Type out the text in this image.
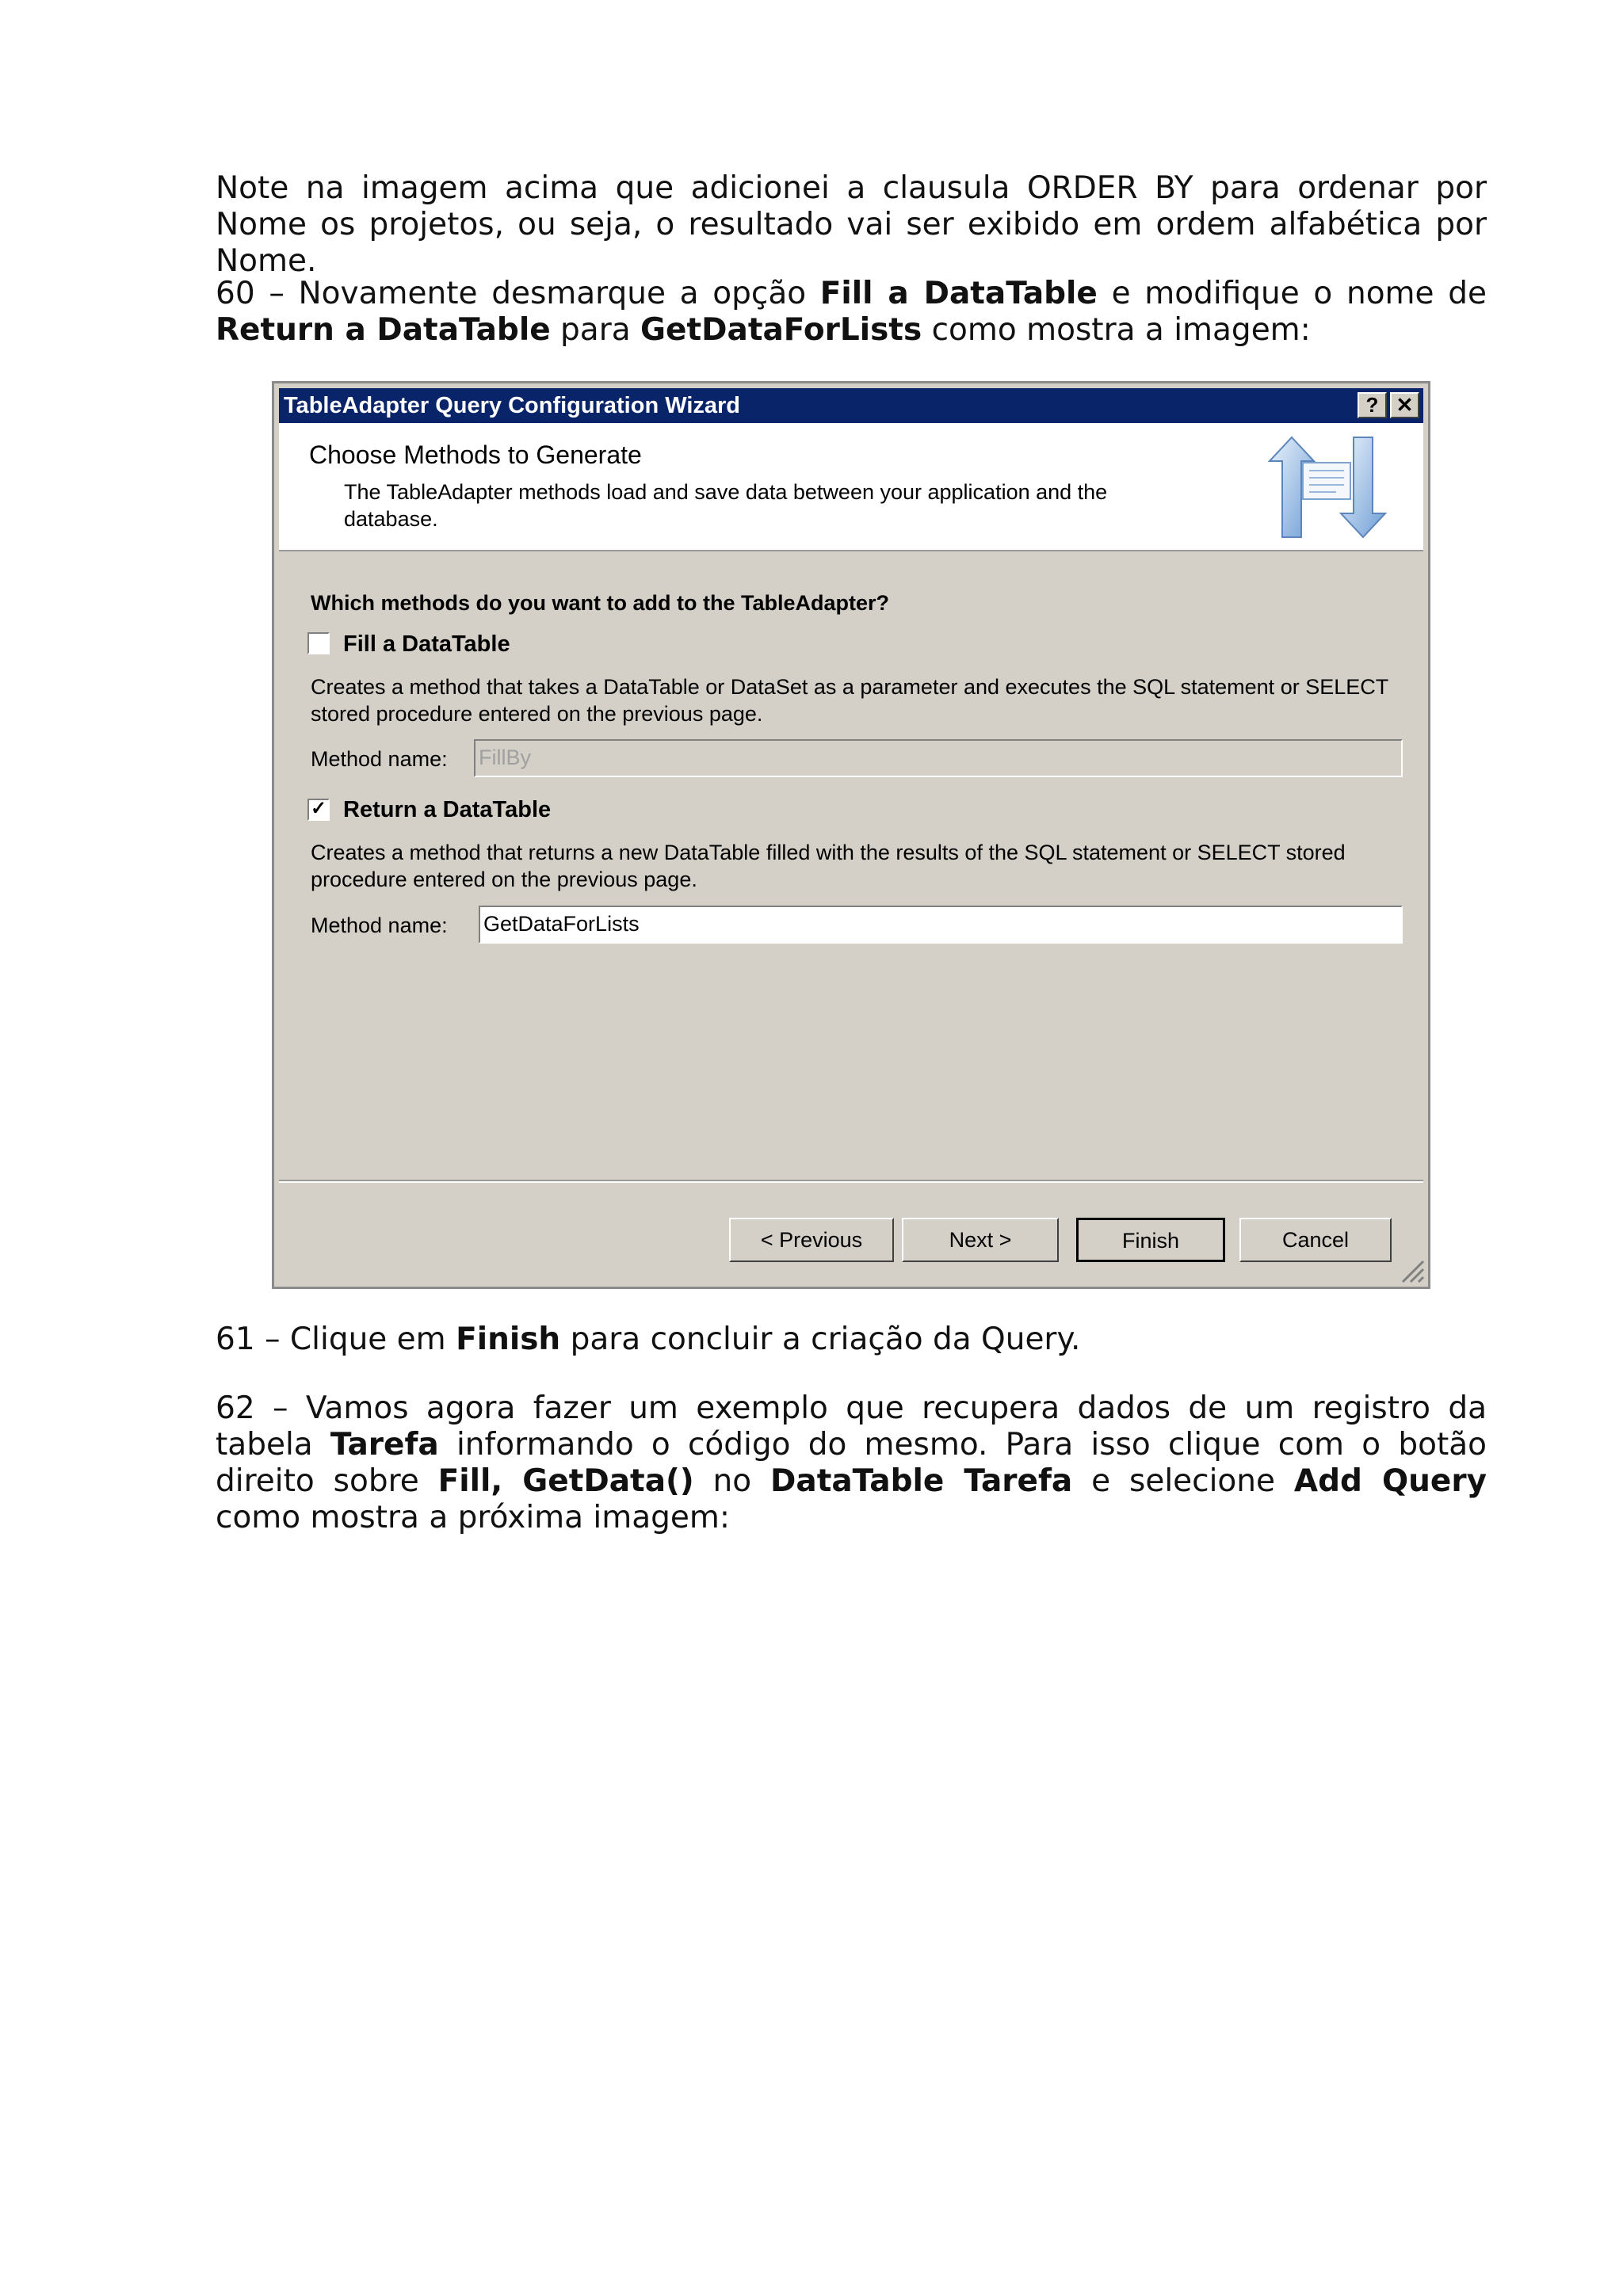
Note na imagem acima que adicionei a clausula ORDER BY para ordenar por Nome os projetos, ou seja, o resultado vai ser exibido em ordem alfabética por Nome.

60 – Novamente desmarque a opção Fill a DataTable e modifique o nome de Return a DataTable para GetDataForLists como mostra a imagem:

TableAdapter Query Configuration Wizard	? ✕
Choose Methods to Generate
The TableAdapter methods load and save data between your application and the database.
Which methods do you want to add to the TableAdapter?
Fill a DataTable
Creates a method that takes a DataTable or DataSet as a parameter and executes the SQL statement or SELECT stored procedure entered on the previous page.
Method name: FillBy
✓ Return a DataTable
Creates a method that returns a new DataTable filled with the results of the SQL statement or SELECT stored procedure entered on the previous page.
Method name: GetDataForLists
< Previous	Next >	Finish	Cancel

61 – Clique em Finish para concluir a criação da Query.

62 – Vamos agora fazer um exemplo que recupera dados de um registro da tabela Tarefa informando o código do mesmo. Para isso clique com o botão direito sobre Fill, GetData() no DataTable Tarefa e selecione Add Query como mostra a próxima imagem:
